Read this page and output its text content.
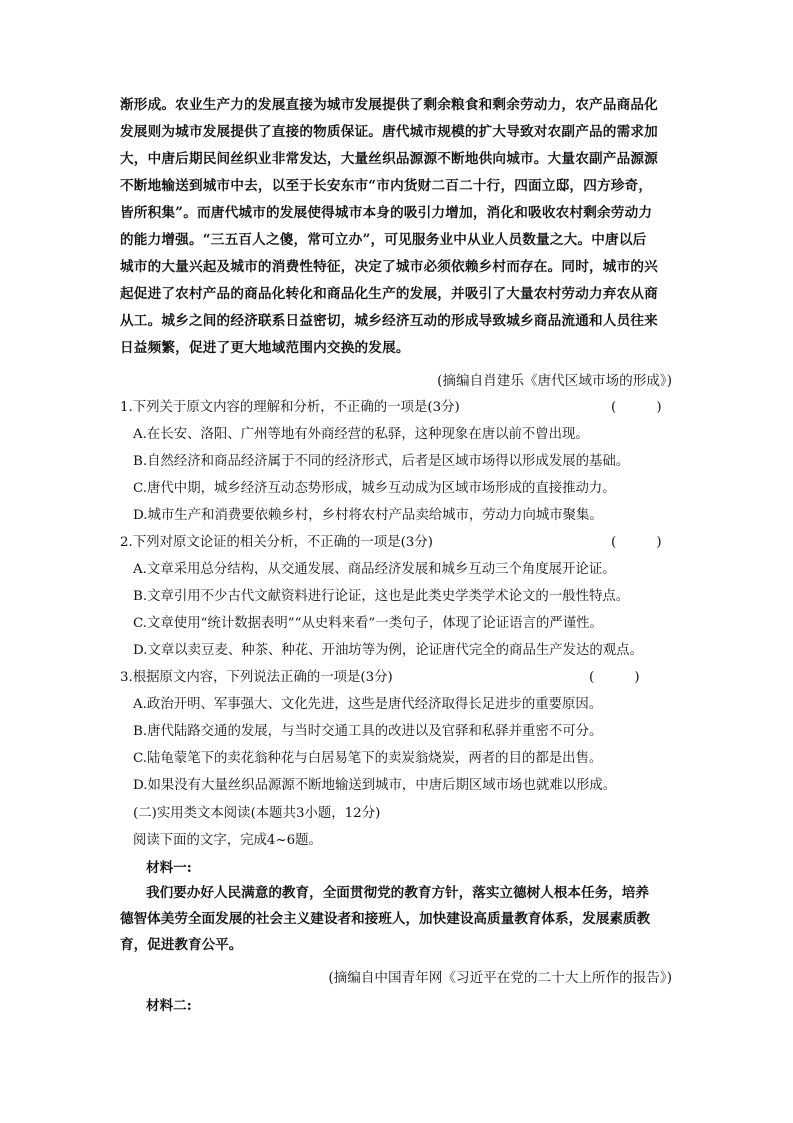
渐形成。农业生产力的发展直接为城市发展提供了剩余粮食和剩余劳动力，农产品商品化
发展则为城市发展提供了直接的物质保证。唐代城市规模的扩大导致对农副产品的需求加
大，中唐后期民间丝织业非常发达，大量丝织品源源不断地供向城市。大量农副产品源源
不断地输送到城市中去，以至于长安东市“市内货财二百二十行，四面立邸，四方珍奇，
皆所积集”。而唐代城市的发展使得城市本身的吸引力增加，消化和吸收农村剩余劳动力
的能力增强。“三五百人之傻，常可立办”，可见服务业中从业人员数量之大。中唐以后
城市的大量兴起及城市的消费性特征，决定了城市必须依赖乡村而存在。同时，城市的兴
起促进了农村产品的商品化转化和商品化生产的发展，并吸引了大量农村劳动力弃农从商
从工。城乡之间的经济联系日益密切，城乡经济互动的形成导致城乡商品流通和人员往来
日益频繁，促进了更大地域范围内交换的发展。
(摘编自肖建乐《唐代区域市场的形成》)
1.下列关于原文内容的理解和分析，不正确的一项是(3分)	(　　　)
A.在长安、洛阳、广州等地有外商经营的私驿，这种现象在唐以前不曾出现。
B.自然经济和商品经济属于不同的经济形式，后者是区域市场得以形成发展的基础。
C.唐代中期，城乡经济互动态势形成，城乡互动成为区域市场形成的直接推动力。
D.城市生产和消费要依赖乡村，乡村将农村产品卖给城市，劳动力向城市聚集。
2.下列对原文论证的相关分析，不正确的一项是(3分)	(　　　)
A.文章采用总分结构，从交通发展、商品经济发展和城乡互动三个角度展开论证。
B.文章引用不少古代文献资料进行论证，这也是此类史学类学术论文的一般性特点。
C.文章使用“统计数据表明”“从史料来看”一类句子，体现了论证语言的严谨性。
D.文章以卖豆麦、种茶、种花、开油坊等为例，论证唐代完全的商品生产发达的观点。
3.根据原文内容，下列说法正确的一项是(3分)	(　　　)
A.政治开明、军事强大、文化先进，这些是唐代经济取得长足进步的重要原因。
B.唐代陆路交通的发展，与当时交通工具的改进以及官驿和私驿并重密不可分。
C.陆龟蒙笔下的卖花翁种花与白居易笔下的卖炭翁烧炭，两者的目的都是出售。
D.如果没有大量丝织品源源不断地输送到城市，中唐后期区域市场也就难以形成。
(二)实用类文本阅读(本题共3小题，12分)
阅读下面的文字，完成4~6题。
材料一:
我们要办好人民满意的教育，全面贯彻党的教育方针，落实立德树人根本任务，培养
德智体美劳全面发展的社会主义建设者和接班人，加快建设高质量教育体系，发展素质教
育，促进教育公平。
(摘编自中国青年网《习近平在党的二十大上所作的报告》)
材料二:
